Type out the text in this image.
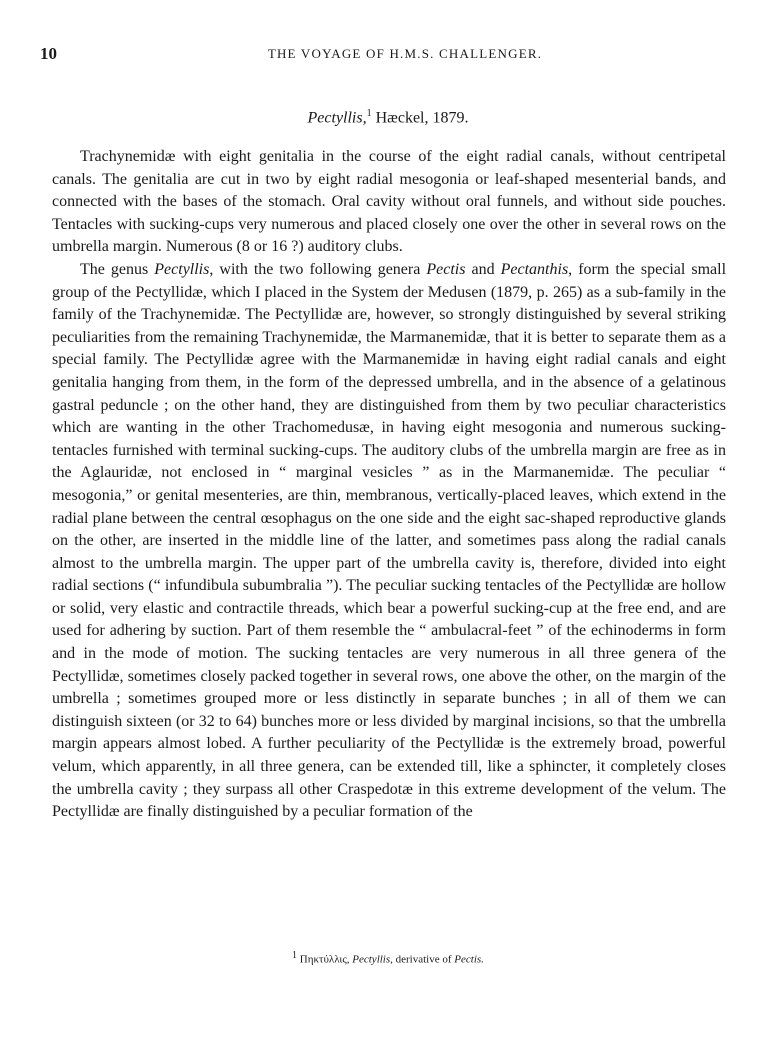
10	THE VOYAGE OF H.M.S. CHALLENGER.
Pectyllis,$^1$ Hæckel, 1879.

Trachynemidæ with eight genitalia in the course of the eight radial canals, without centripetal canals. The genitalia are cut in two by eight radial mesogonia or leaf-shaped mesenterial bands, and connected with the bases of the stomach. Oral cavity without oral funnels, and without side pouches. Tentacles with sucking-cups very numerous and placed closely one over the other in several rows on the umbrella margin. Numerous (8 or 16 ?) auditory clubs.

The genus Pectyllis, with the two following genera Pectis and Pectanthis, form the special small group of the Pectyllidæ, which I placed in the System der Medusen (1879, p. 265) as a sub-family in the family of the Trachynemidæ. The Pectyllidæ are, however, so strongly distinguished by several striking peculiarities from the remaining Trachynemidæ, the Marmanemidæ, that it is better to separate them as a special family. The Pectyllidæ agree with the Marmanemidæ in having eight radial canals and eight genitalia hanging from them, in the form of the depressed umbrella, and in the absence of a gelatinous gastral peduncle ; on the other hand, they are distinguished from them by two peculiar characteristics which are wanting in the other Trachomedusæ, in having eight mesogonia and numerous sucking-tentacles furnished with terminal sucking-cups. The auditory clubs of the umbrella margin are free as in the Aglauridæ, not enclosed in “ marginal vesicles ” as in the Marmanemidæ. The peculiar “ mesogonia,” or genital mesenteries, are thin, membranous, vertically-placed leaves, which extend in the radial plane between the central œsophagus on the one side and the eight sac-shaped reproductive glands on the other, are inserted in the middle line of the latter, and sometimes pass along the radial canals almost to the umbrella margin. The upper part of the umbrella cavity is, therefore, divided into eight radial sections (“ infundibula subumbralia ”). The peculiar sucking tentacles of the Pectyllidæ are hollow or solid, very elastic and contractile threads, which bear a powerful sucking-cup at the free end, and are used for adhering by suction. Part of them resemble the “ ambulacral-feet ” of the echinoderms in form and in the mode of motion. The sucking tentacles are very numerous in all three genera of the Pectyllidæ, sometimes closely packed together in several rows, one above the other, on the margin of the umbrella ; sometimes grouped more or less distinctly in separate bunches ; in all of them we can distinguish sixteen (or 32 to 64) bunches more or less divided by marginal incisions, so that the umbrella margin appears almost lobed. A further peculiarity of the Pectyllidæ is the extremely broad, powerful velum, which apparently, in all three genera, can be extended till, like a sphincter, it completely closes the umbrella cavity ; they surpass all other Craspedotæ in this extreme development of the velum. The Pectyllidæ are finally distinguished by a peculiar formation of the

$^1$ Πηκτύλλις, Pectyllis, derivative of Pectis.
